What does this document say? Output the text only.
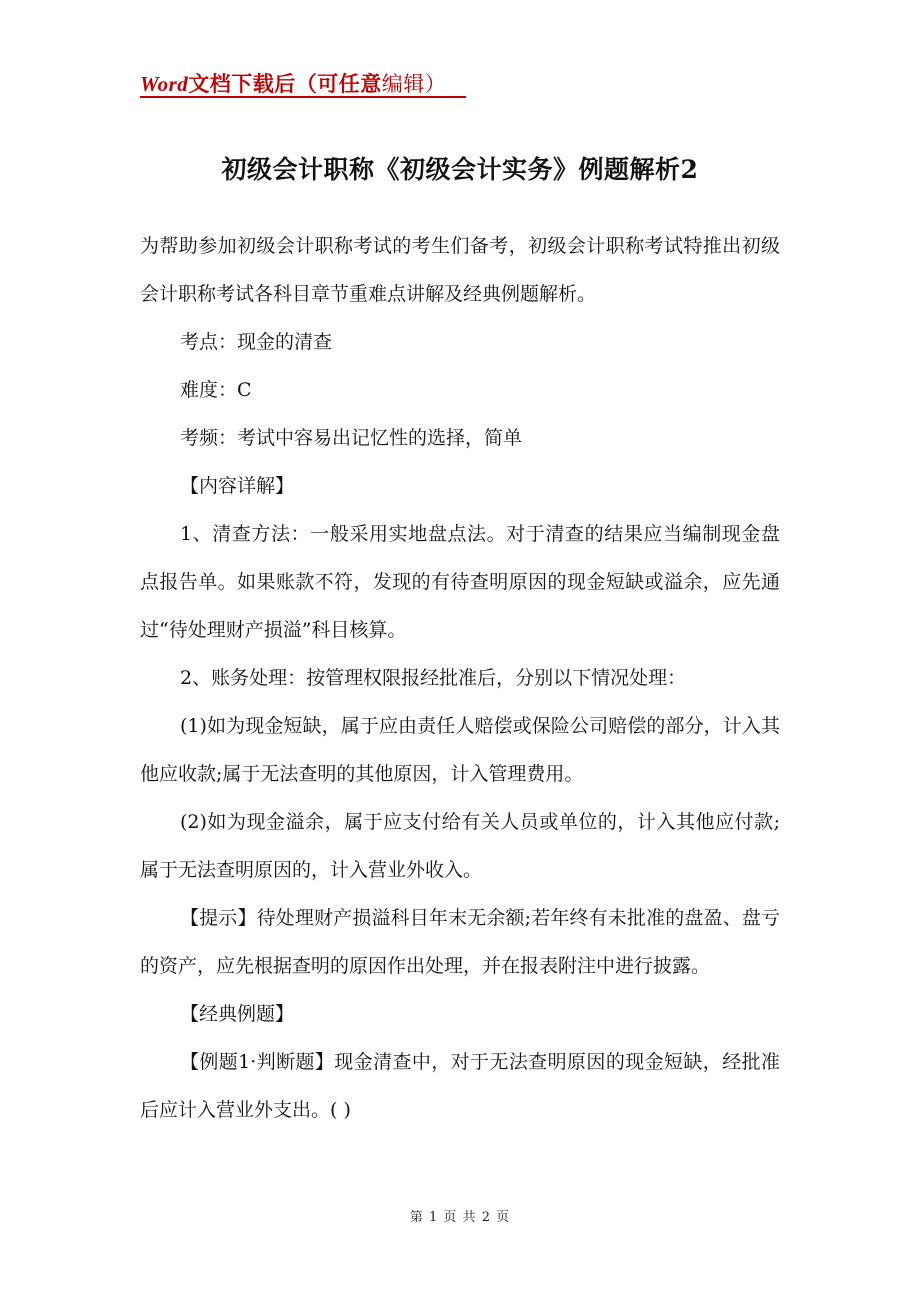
Word文档下载后（可任意编辑）
初级会计职称《初级会计实务》例题解析2

为帮助参加初级会计职称考试的考生们备考，初级会计职称考试特推出初级会计职称考试各科目章节重难点讲解及经典例题解析。

考点：现金的清查

难度：C

考频：考试中容易出记忆性的选择，简单

【内容详解】

1、清查方法：一般采用实地盘点法。对于清查的结果应当编制现金盘点报告单。如果账款不符，发现的有待查明原因的现金短缺或溢余，应先通过“待处理财产损溢”科目核算。

2、账务处理：按管理权限报经批准后，分别以下情况处理：

(1)如为现金短缺，属于应由责任人赔偿或保险公司赔偿的部分，计入其他应收款;属于无法查明的其他原因，计入管理费用。

(2)如为现金溢余，属于应支付给有关人员或单位的，计入其他应付款;属于无法查明原因的，计入营业外收入。

【提示】待处理财产损溢科目年末无余额;若年终有未批准的盘盈、盘亏的资产，应先根据查明的原因作出处理，并在报表附注中进行披露。

【经典例题】

【例题1·判断题】现金清查中，对于无法查明原因的现金短缺，经批准后应计入营业外支出。( )

第 1 页 共 2 页
